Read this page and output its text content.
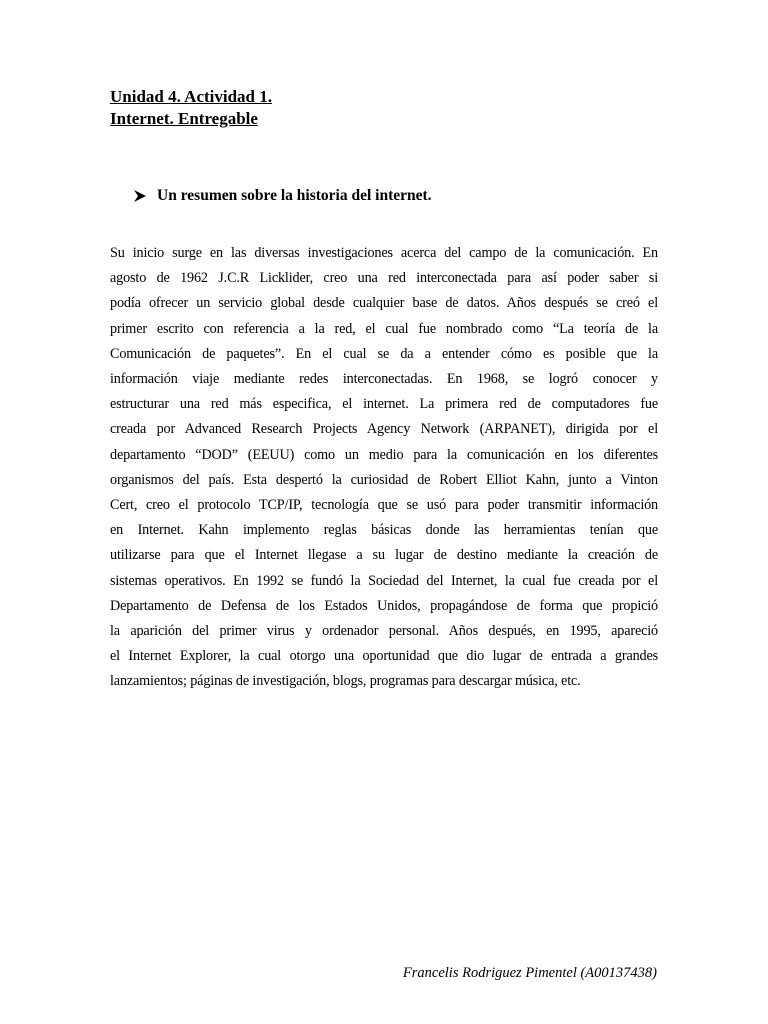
Unidad 4. Actividad 1.
Internet. Entregable
Un resumen sobre la historia del internet.
Su inicio surge en las diversas investigaciones acerca del campo de la comunicación. En
agosto de 1962 J.C.R Licklider, creo una red interconectada para así poder saber si
podía ofrecer un servicio global desde cualquier base de datos. Años después se creó el
primer escrito con referencia a la red, el cual fue nombrado como “La teoría de la
Comunicación de paquetes”. En el cual se da a entender cómo es posible que la
información viaje mediante redes interconectadas. En 1968, se logró conocer y
estructurar una red más especifica, el internet. La primera red de computadores fue
creada por Advanced Research Projects Agency Network (ARPANET), dirigida por el
departamento “DOD” (EEUU) como un medio para la comunicación en los diferentes
organismos del país. Esta despertó la curiosidad de Robert Elliot Kahn, junto a Vinton
Cert, creo el protocolo TCP/IP, tecnología que se usó para poder transmitir información
en Internet. Kahn implemento reglas básicas donde las herramientas tenían que
utilizarse para que el Internet llegase a su lugar de destino mediante la creación de
sistemas operativos. En 1992 se fundó la Sociedad del Internet, la cual fue creada por el
Departamento de Defensa de los Estados Unidos, propagándose de forma que propició
la aparición del primer virus y ordenador personal. Años después, en 1995, apareció
el Internet Explorer, la cual otorgo una oportunidad que dio lugar de entrada a grandes
lanzamientos; páginas de investigación, blogs, programas para descargar música, etc.
Francelis Rodriguez Pimentel (A00137438)
